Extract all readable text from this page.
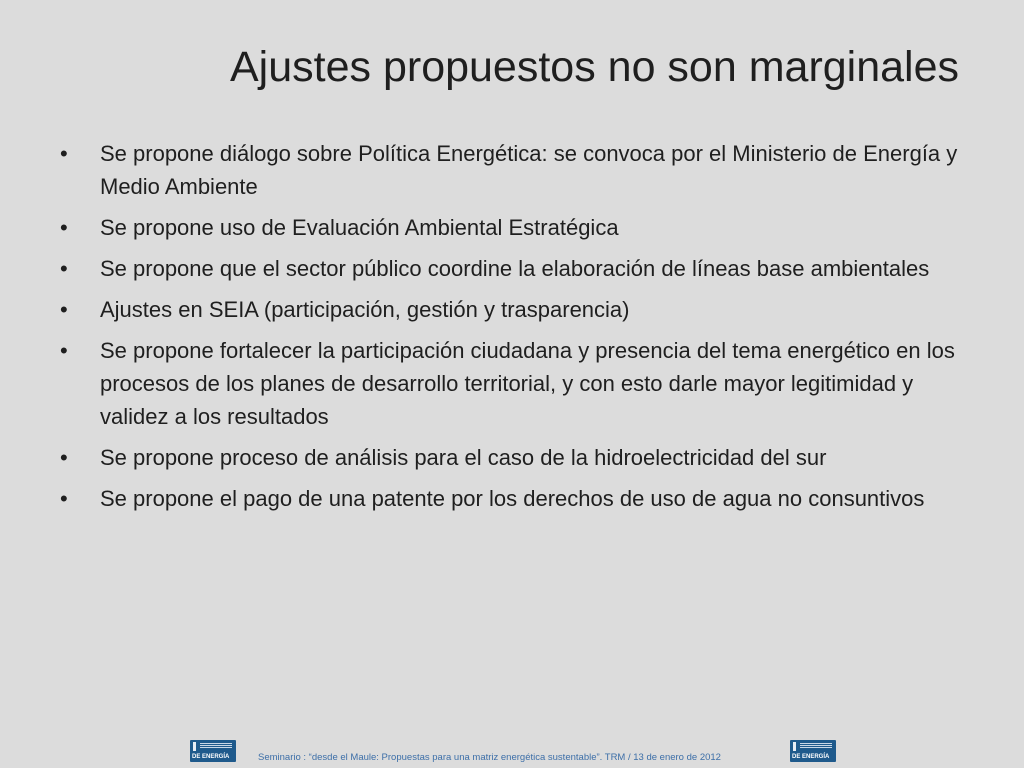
Ajustes propuestos no son marginales
•	Se propone diálogo sobre Política Energética: se convoca por el Ministerio de Energía y Medio Ambiente
•	Se propone uso de Evaluación Ambiental Estratégica
•	Se propone que el sector público coordine la elaboración de líneas base ambientales
•	Ajustes en SEIA (participación, gestión y trasparencia)
•	Se propone fortalecer la participación ciudadana y presencia del tema energético en los procesos de los planes de desarrollo territorial, y con esto darle mayor legitimidad y validez a los resultados
•	Se propone proceso de análisis para el caso de la hidroelectricidad del sur
•	Se propone el pago de una patente por los derechos de uso de agua no consuntivos
DE ENERGÍA	Seminario : “desde el Maule: Propuestas para una matriz energética sustentable”. TRM / 13 de enero de 2012	DE ENERGÍA
